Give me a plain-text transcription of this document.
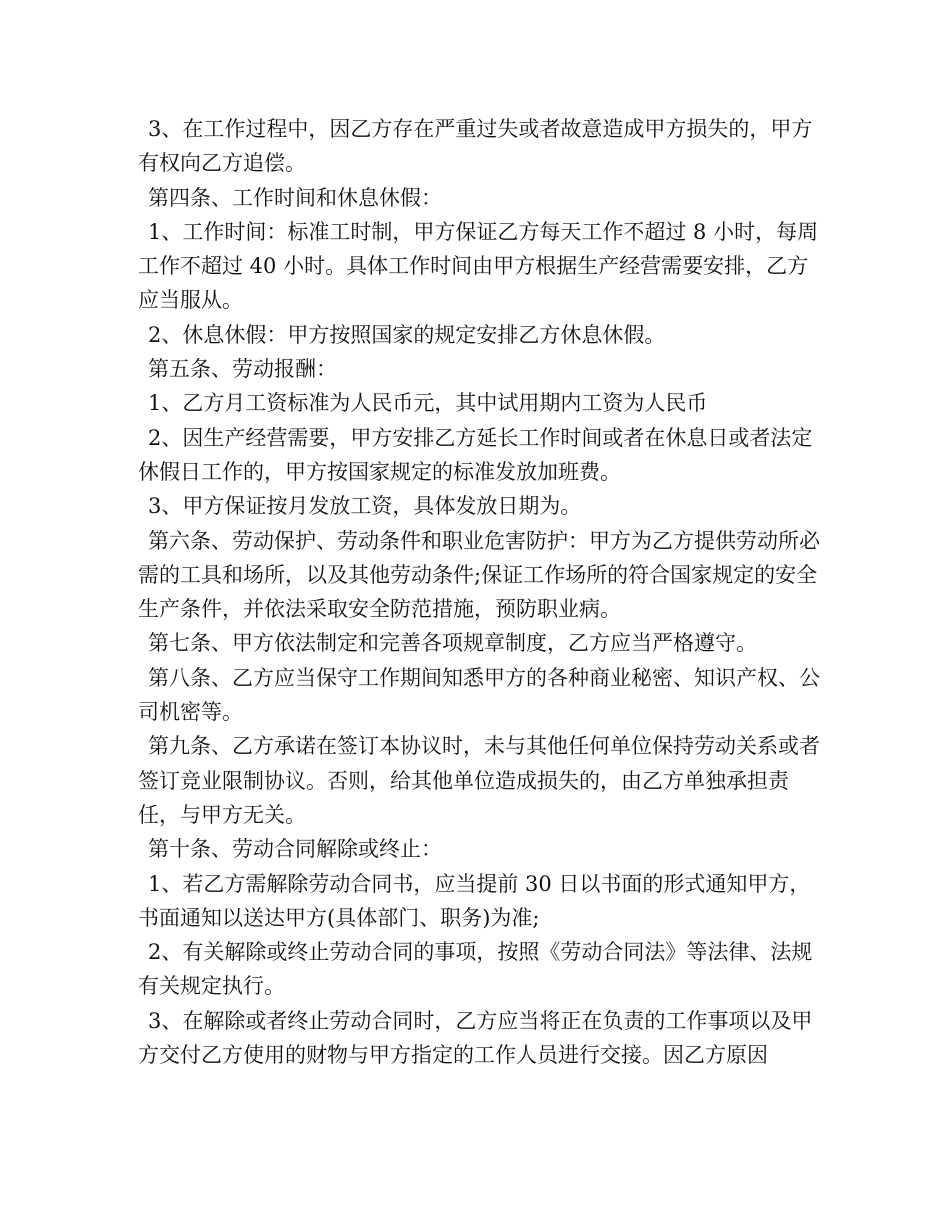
3、在工作过程中，因乙方存在严重过失或者故意造成甲方损失的，甲方有权向乙方追偿。

第四条、工作时间和休息休假：

1、工作时间：标准工时制，甲方保证乙方每天工作不超过 8 小时，每周工作不超过 40 小时。具体工作时间由甲方根据生产经营需要安排，乙方应当服从。

2、休息休假：甲方按照国家的规定安排乙方休息休假。

第五条、劳动报酬：

1、乙方月工资标准为人民币元，其中试用期内工资为人民币

2、因生产经营需要，甲方安排乙方延长工作时间或者在休息日或者法定休假日工作的，甲方按国家规定的标准发放加班费。

3、甲方保证按月发放工资，具体发放日期为。

第六条、劳动保护、劳动条件和职业危害防护：甲方为乙方提供劳动所必需的工具和场所，以及其他劳动条件;保证工作场所的符合国家规定的安全生产条件，并依法采取安全防范措施，预防职业病。

第七条、甲方依法制定和完善各项规章制度，乙方应当严格遵守。

第八条、乙方应当保守工作期间知悉甲方的各种商业秘密、知识产权、公司机密等。

第九条、乙方承诺在签订本协议时，未与其他任何单位保持劳动关系或者签订竞业限制协议。否则，给其他单位造成损失的，由乙方单独承担责任，与甲方无关。

第十条、劳动合同解除或终止：

1、若乙方需解除劳动合同书，应当提前 30 日以书面的形式通知甲方，书面通知以送达甲方(具体部门、职务)为准;

2、有关解除或终止劳动合同的事项，按照《劳动合同法》等法律、法规有关规定执行。

3、在解除或者终止劳动合同时，乙方应当将正在负责的工作事项以及甲方交付乙方使用的财物与甲方指定的工作人员进行交接。因乙方原因
